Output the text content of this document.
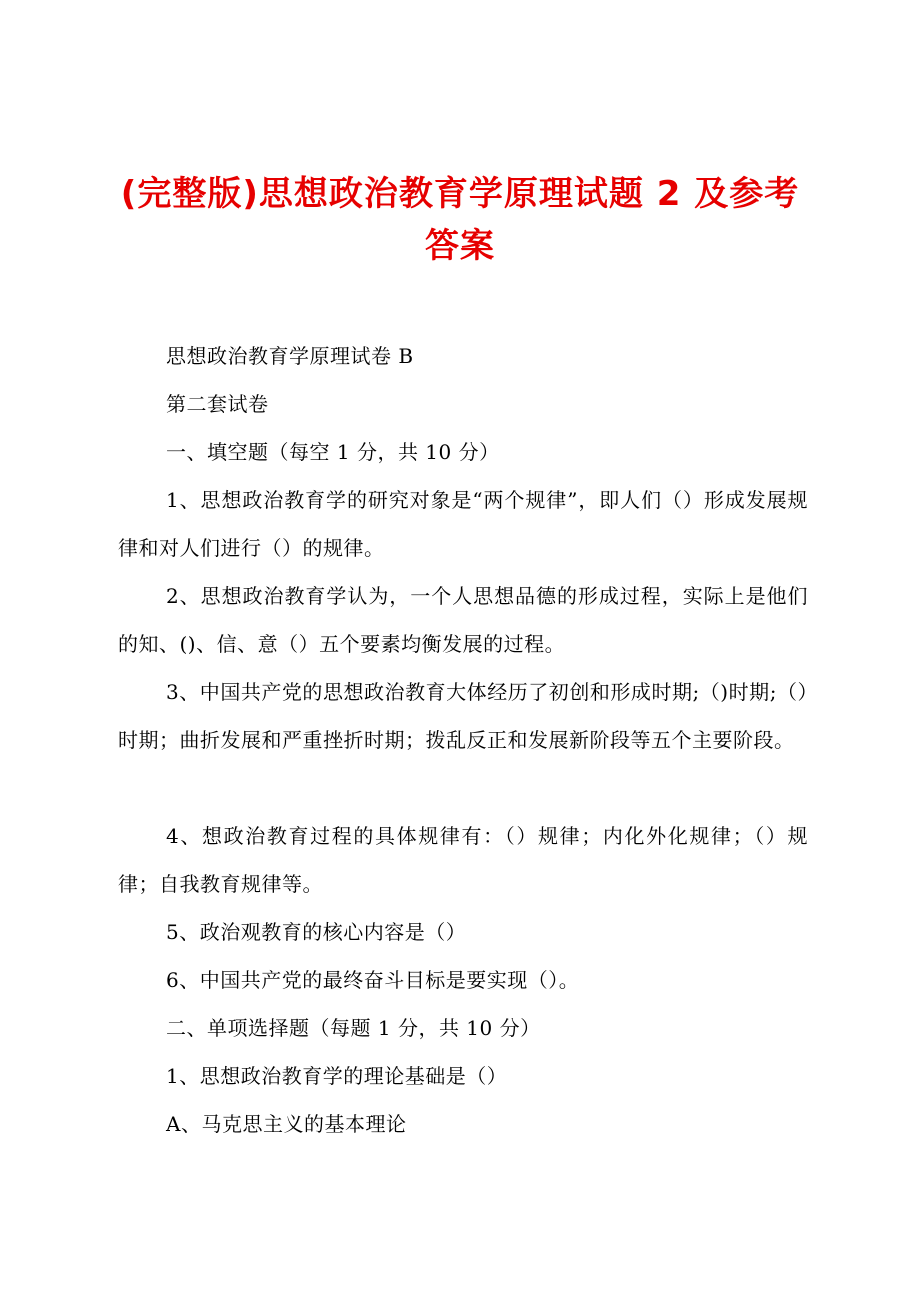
(完整版)思想政治教育学原理试题 2 及参考答案

思想政治教育学原理试卷 B

第二套试卷

一、填空题（每空 1 分，共 10 分）

1、思想政治教育学的研究对象是“两个规律”，即人们（）形成发展规律和对人们进行（）的规律。

2、思想政治教育学认为，一个人思想品德的形成过程，实际上是他们的知、()、信、意（）五个要素均衡发展的过程。

3、中国共产党的思想政治教育大体经历了初创和形成时期;（)时期;（）时期；曲折发展和严重挫折时期；拨乱反正和发展新阶段等五个主要阶段。

4、想政治教育过程的具体规律有：（）规律；内化外化规律；（）规律；自我教育规律等。

5、政治观教育的核心内容是（）

6、中国共产党的最终奋斗目标是要实现（）。

二、单项选择题（每题 1 分，共 10 分）

1、思想政治教育学的理论基础是（）

A、马克思主义的基本理论
